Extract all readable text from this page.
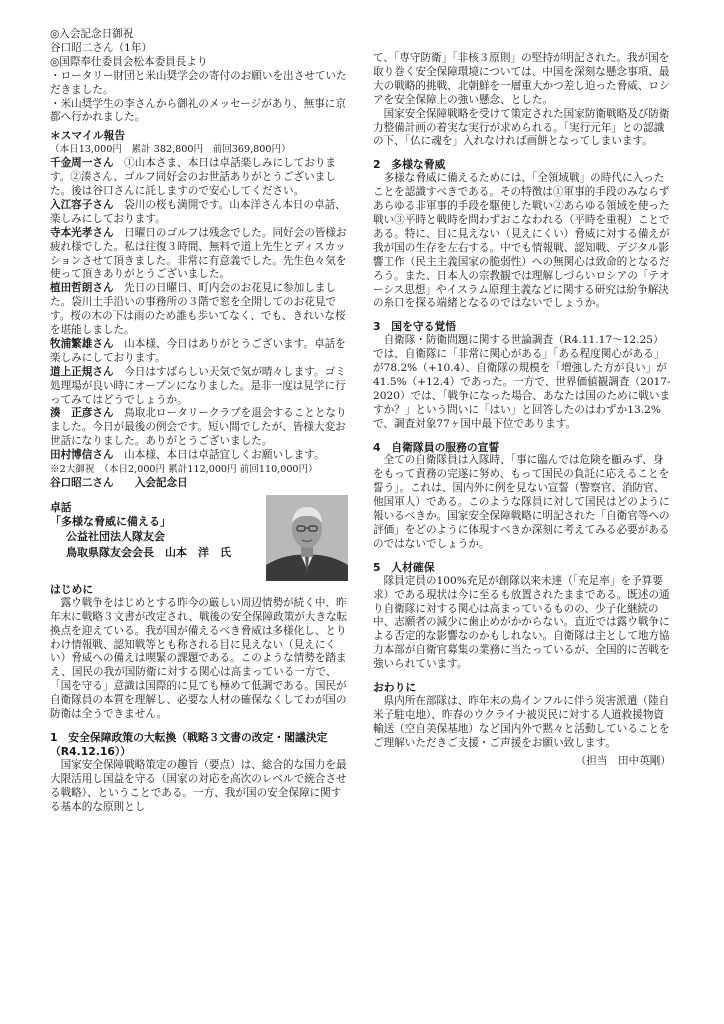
◎入会記念日御祝

谷口昭二さん（1年）

◎国際奉仕委員会松本委員長より

・ロータリー財団と米山奨学会の寄付のお願いを出させていただきました。

・米山奨学生の李さんから御礼のメッセージがあり、無事に京都へ行かれました。

＊スマイル報告

（本日13,000円　累計 382,800円　前回369,800円）

千金周一さん　 ①山本さま、本日は卓話楽しみにしております。②湊さん、ゴルフ同好会のお世話ありがとうございました。後は谷口さんに託しますので安心してください。

入江容子さん　 袋川の桜も満開です。山本洋さん本日の卓話、楽しみにしております。

寺本光孝さん　 日曜日のゴルフは残念でした。同好会の皆様お疲れ様でした。私は往復３時間、無料で道上先生とディスカッションさせて頂きました。非常に有意義でした。先生色々気を使って頂きありがとうございました。

植田哲朗さん　 先日の日曜日、町内会のお花見に参加しました。袋川土手沿いの事務所の３階で窓を全開してのお花見です。桜の木の下は雨のため誰も歩いてなく、でも、きれいな桜を堪能しました。

牧浦繁雄さん　 山本様、今日はありがとうございます。卓話を楽しみにしております。

道上正規さん　 今日はすばらしい天気で気が晴々します。ゴミ処理場が良い時にオープンになりました。是非一度は見学に行ってみてはどうでしょうか。

湊　正彦さん　 鳥取北ロータリークラブを退会することとなりました。今日が最後の例会です。短い間でしたが、皆様大変お世話になりました。ありがとうございました。

田村博信さん　 山本様、本日は卓話宜しくお願いします。

※2大御祝　 （本日2,000円 累計112,000円 前回110,000円）

谷口昭二さん　　入会記念日

卓話

「多様な脅威に備える」

公益社団法人隊友会

鳥取県隊友会会長　山本　洋　氏

はじめに

露ウ戦争をはじめとする昨今の厳しい周辺情勢が続く中、昨年末に戦略３文書が改定され、戦後の安全保障政策が大きな転換点を迎えている。我が国が備えるべき脅威は多様化し、とりわけ情報戦、認知戦等とも称される目に見えない（見えにくい）脅威への備えは喫緊の課題である。このような情勢を踏まえ、国民の我が国防衛に対する関心は高まっている一方で、「国を守る」意識は国際的に見ても極めて低調である。国民が自衛隊員の本質を理解し、必要な人材の確保なくしてわが国の防衛は全うできません。

1　安全保障政策の大転換（戦略３文書の改定・閣議決定（R4.12.16））

国家安全保障戦略策定の趣旨（要点）は、総合的な国力を最大限活用し国益を守る（国家の対応を高次のレベルで統合させる戦略）、ということである。一方、我が国の安全保障に関する基本的な原則とし

て、「専守防衛」「非核３原則」の堅持が明記された。我が国を取り巻く安全保障環境については、中国を深刻な懸念事項、最大の戦略的挑戦、北朝鮮を一層重大かつ差し迫った脅威、ロシアを安全保障上の強い懸念、とした。

国家安全保障戦略を受けて策定された国家防衛戦略及び防衛力整備計画の着実な実行が求められる。「実行元年」との認識の下、「仏に魂を」入れなければ画餅となってしまいます。

2　多様な脅威

多様な脅威に備えるためには、「全領域戦」の時代に入ったことを認識すべきである。その特徴は①軍事的手段のみならずあらゆる非軍事的手段を駆使した戦い②あらゆる領域を使った戦い③平時と戦時を問わずおこなわれる（平時を重視）ことである。特に、目に見えない（見えにくい）脅威に対する備えが我が国の生存を左右する。中でも情報戦、認知戦、デジタル影響工作（民主主義国家の脆弱性）への無関心は致命的となるだろう。また、日本人の宗教観では理解しづらいロシアの「テオーシス思想」やイスラム原理主義などに関する研究は紛争解決の糸口を探る端緒となるのではないでしょうか。

3　国を守る覚悟

自衛隊・防衛問題に関する世論調査（R4.11.17～12.25）では、自衛隊に「非常に関心がある」「ある程度関心がある」が78.2%（+10.4）、自衛隊の規模を「増強した方が良い」が41.5%（+12.4）であった。一方で、世界価値観調査（2017-2020）では、「戦争になった場合、あなたは国のために戦いますか？」という問いに「はい」と回答したのはわずか13.2%で、調査対象77ヶ国中最下位であります。

4　自衛隊員の服務の宣誓

全ての自衛隊員は入隊時、「事に臨んでは危険を顧みず、身をもって責務の完遂に努め、もって国民の負託に応えることを誓う」。これは、国内外に例を見ない宣誓（警察官、消防官、他国軍人）である。このような隊員に対して国民はどのように報いるべきか。国家安全保障戦略に明記された「自衛官等への評価」をどのように体現すべきか深刻に考えてみる必要があるのではないでしょうか。

5　人材確保

隊員定員の100%充足が創隊以来未達（「充足率」を予算要求）である現状は今に至るも放置されたままである。既述の通り自衛隊に対する関心は高まっているものの、少子化継続の中、志願者の減少に歯止めがかからない。直近では露ウ戦争による否定的な影響なのかもしれない。自衛隊は主として地方協力本部が自衛官募集の業務に当たっているが、全国的に苦戦を強いられています。

おわりに

県内所在部隊は、昨年末の鳥インフルに伴う災害派遣（陸自米子駐屯地）、昨春のウクライナ被災民に対する人道救援物資輸送（空自美保基地）など国内外で黙々と活動していることをご理解いただきご支援・ご声援をお願い致します。

（担当　田中英剛）
